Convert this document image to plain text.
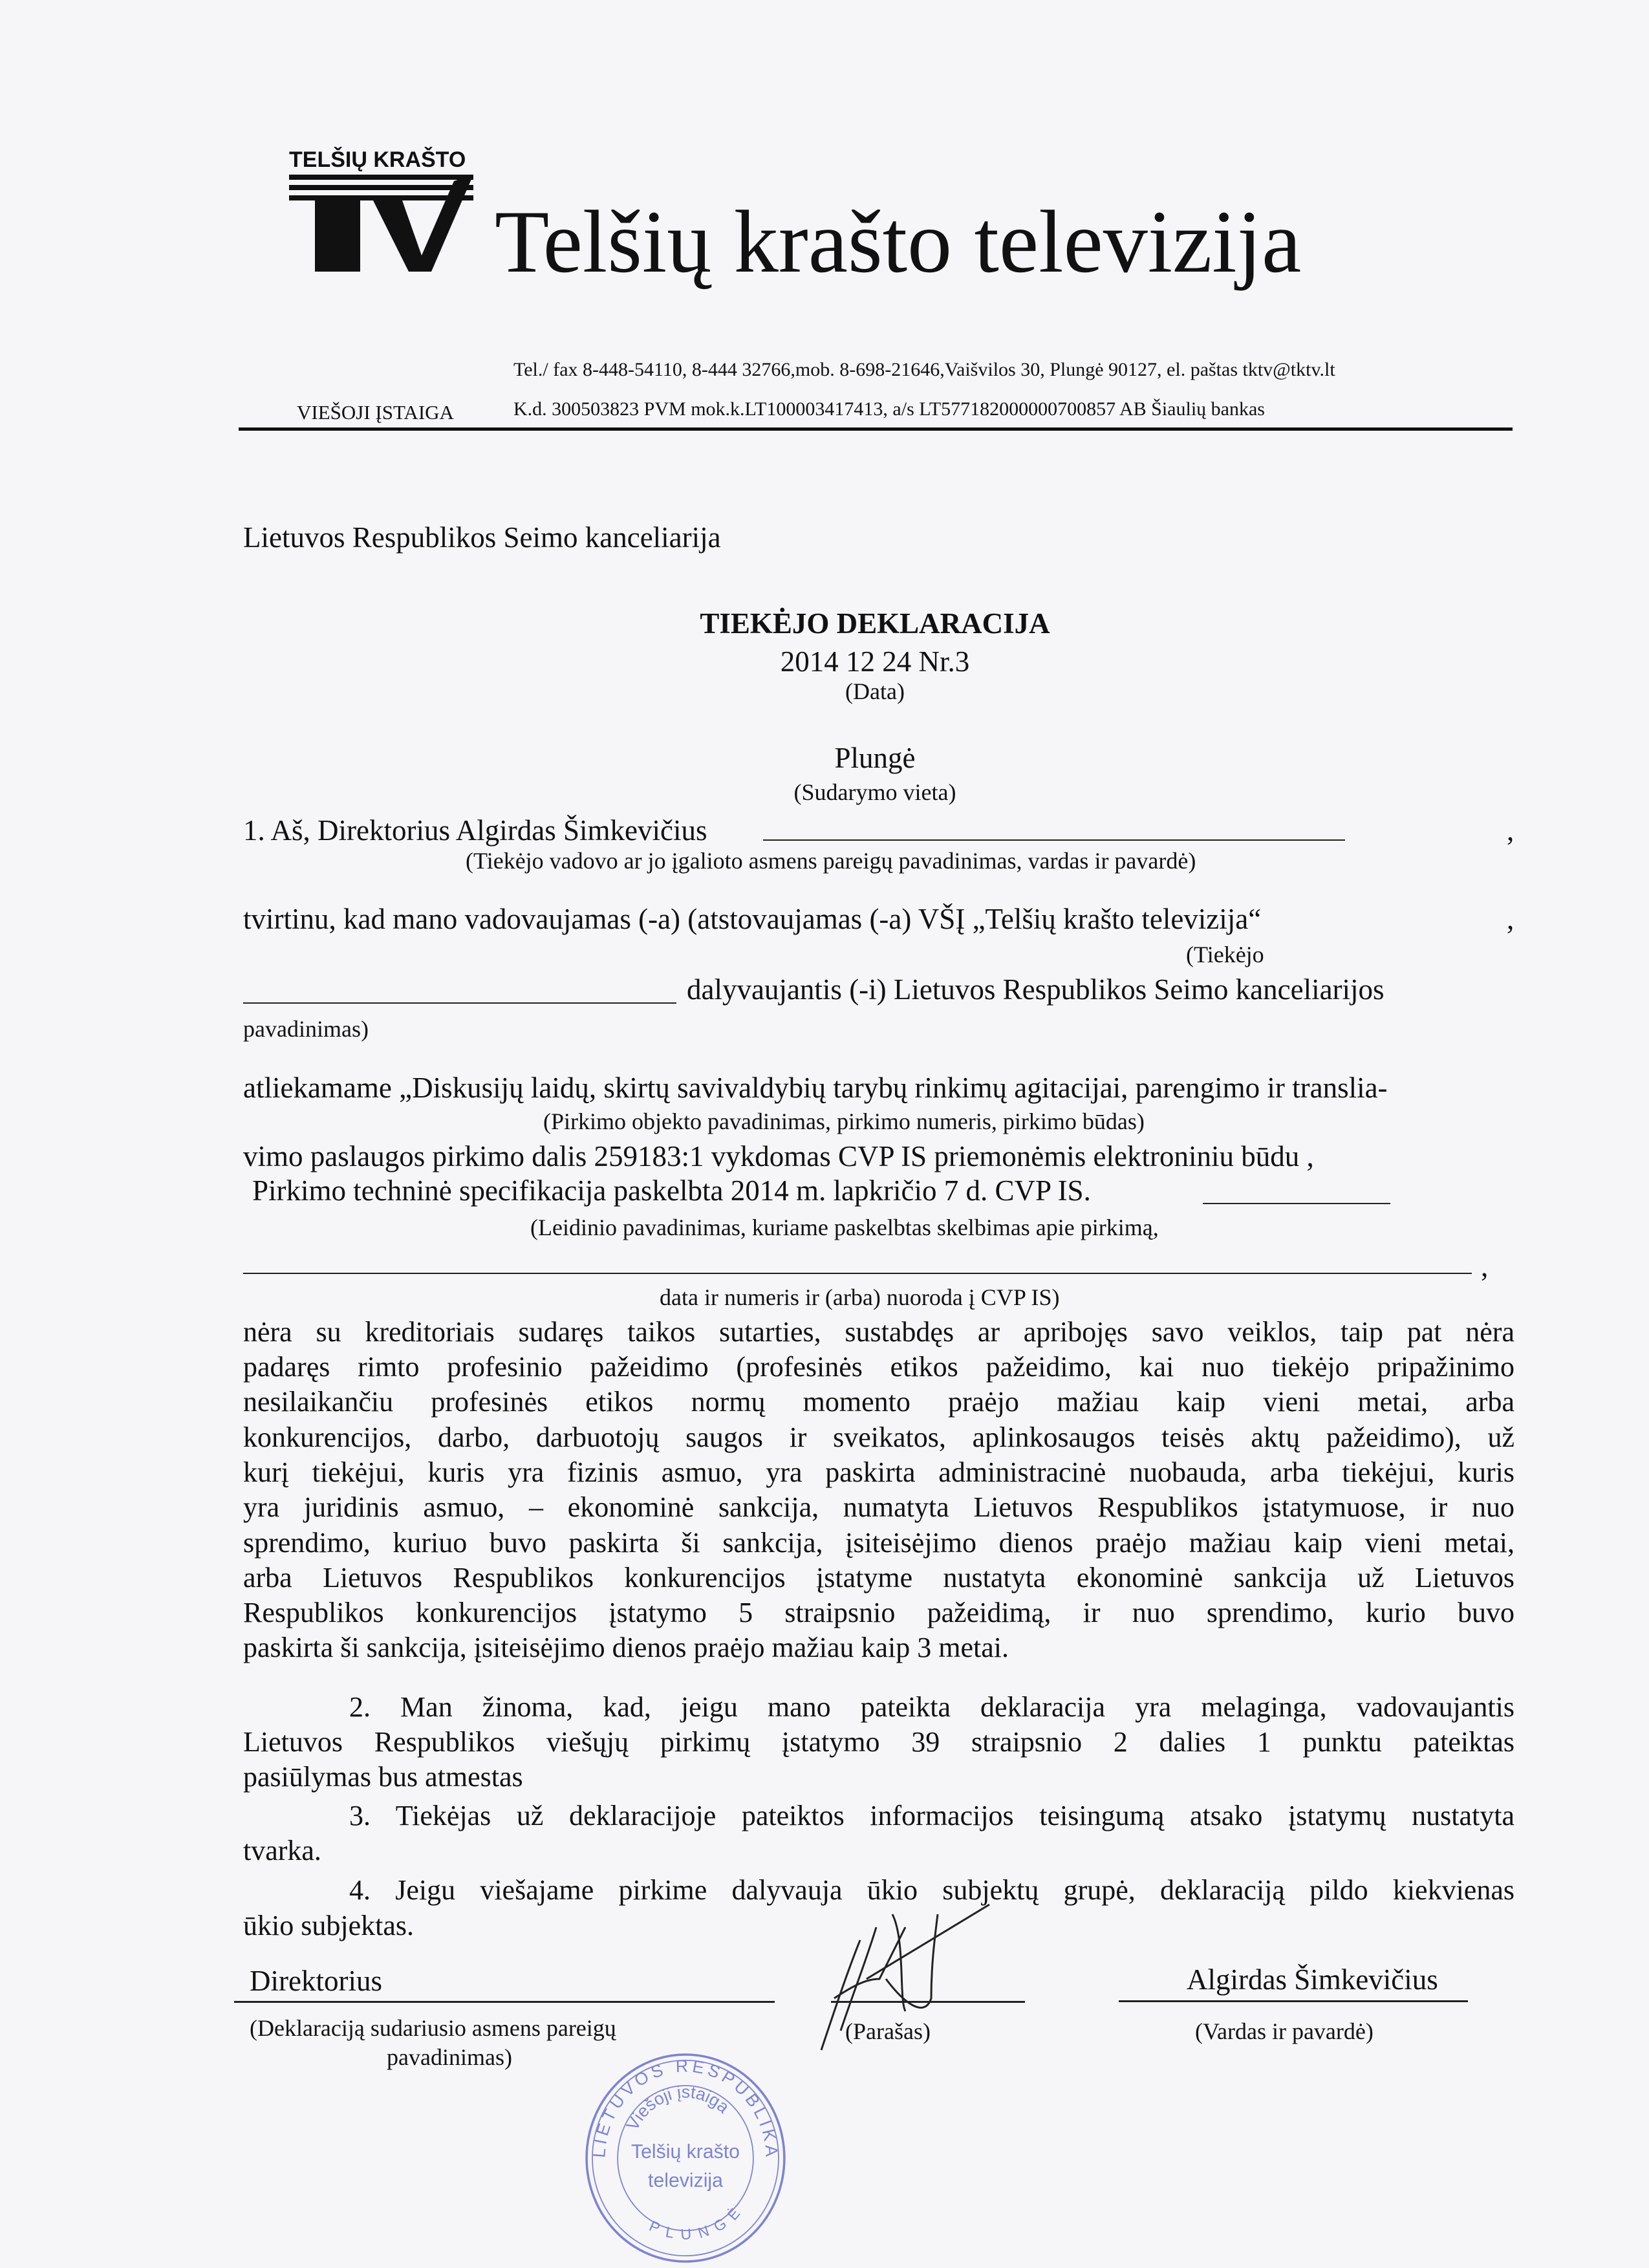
TELŠIŲ KRAŠTO
Telšių krašto televizija
Tel./ fax 8-448-54110, 8-444 32766,mob. 8-698-21646,Vaišvilos 30, Plungė 90127, el. paštas tktv@tktv.lt
VIEŠOJI ĮSTAIGA	K.d. 300503823 PVM mok.k.LT100003417413, a/s LT577182000000700857 AB Šiaulių bankas
Lietuvos Respublikos Seimo kanceliarija
TIEKĖJO DEKLARACIJA
2014 12 24 Nr.3
(Data)
Plungė
(Sudarymo vieta)
1. Aš, Direktorius Algirdas Šimkevičius	,
(Tiekėjo vadovo ar jo įgalioto asmens pareigų pavadinimas, vardas ir pavardė)
tvirtinu, kad mano vadovaujamas (-a) (atstovaujamas (-a) VŠĮ „Telšių krašto televizija“	,
(Tiekėjo
dalyvaujantis (-i) Lietuvos Respublikos Seimo kanceliarijos
pavadinimas)
atliekamame „Diskusijų laidų, skirtų savivaldybių tarybų rinkimų agitacijai, parengimo ir translia-
(Pirkimo objekto pavadinimas, pirkimo numeris, pirkimo būdas)
vimo paslaugos pirkimo dalis 259183:1 vykdomas CVP IS priemonėmis elektroniniu būdu ,
Pirkimo techninė specifikacija paskelbta 2014 m. lapkričio 7 d. CVP IS.
(Leidinio pavadinimas, kuriame paskelbtas skelbimas apie pirkimą,
,
data ir numeris ir (arba) nuoroda į CVP IS)
nėra su kreditoriais sudaręs taikos sutarties, sustabdęs ar apribojęs savo veiklos, taip pat nėra
padaręs rimto profesinio pažeidimo (profesinės etikos pažeidimo, kai nuo tiekėjo pripažinimo
nesilaikančiu profesinės etikos normų momento praėjo mažiau kaip vieni metai, arba
konkurencijos, darbo, darbuotojų saugos ir sveikatos, aplinkosaugos teisės aktų pažeidimo), už
kurį tiekėjui, kuris yra fizinis asmuo, yra paskirta administracinė nuobauda, arba tiekėjui, kuris
yra juridinis asmuo, – ekonominė sankcija, numatyta Lietuvos Respublikos įstatymuose, ir nuo
sprendimo, kuriuo buvo paskirta ši sankcija, įsiteisėjimo dienos praėjo mažiau kaip vieni metai,
arba Lietuvos Respublikos konkurencijos įstatyme nustatyta ekonominė sankcija už Lietuvos
Respublikos konkurencijos įstatymo 5 straipsnio pažeidimą, ir nuo sprendimo, kurio buvo
paskirta ši sankcija, įsiteisėjimo dienos praėjo mažiau kaip 3 metai.
2. Man žinoma, kad, jeigu mano pateikta deklaracija yra melaginga, vadovaujantis
Lietuvos Respublikos viešųjų pirkimų įstatymo 39 straipsnio 2 dalies 1 punktu pateiktas
pasiūlymas bus atmestas
3. Tiekėjas už deklaracijoje pateiktos informacijos teisingumą atsako įstatymų nustatyta
tvarka.
4. Jeigu viešajame pirkime dalyvauja ūkio subjektų grupė, deklaraciją pildo kiekvienas
ūkio subjektas.
Direktorius
(Deklaraciją sudariusio asmens pareigų
pavadinimas)
(Parašas)
Algirdas Šimkevičius
(Vardas ir pavardė)
LIETUVOS RESPUBLIKA
Viešoji įstaiga
PLUNGĖ
Telšių krašto
televizija
